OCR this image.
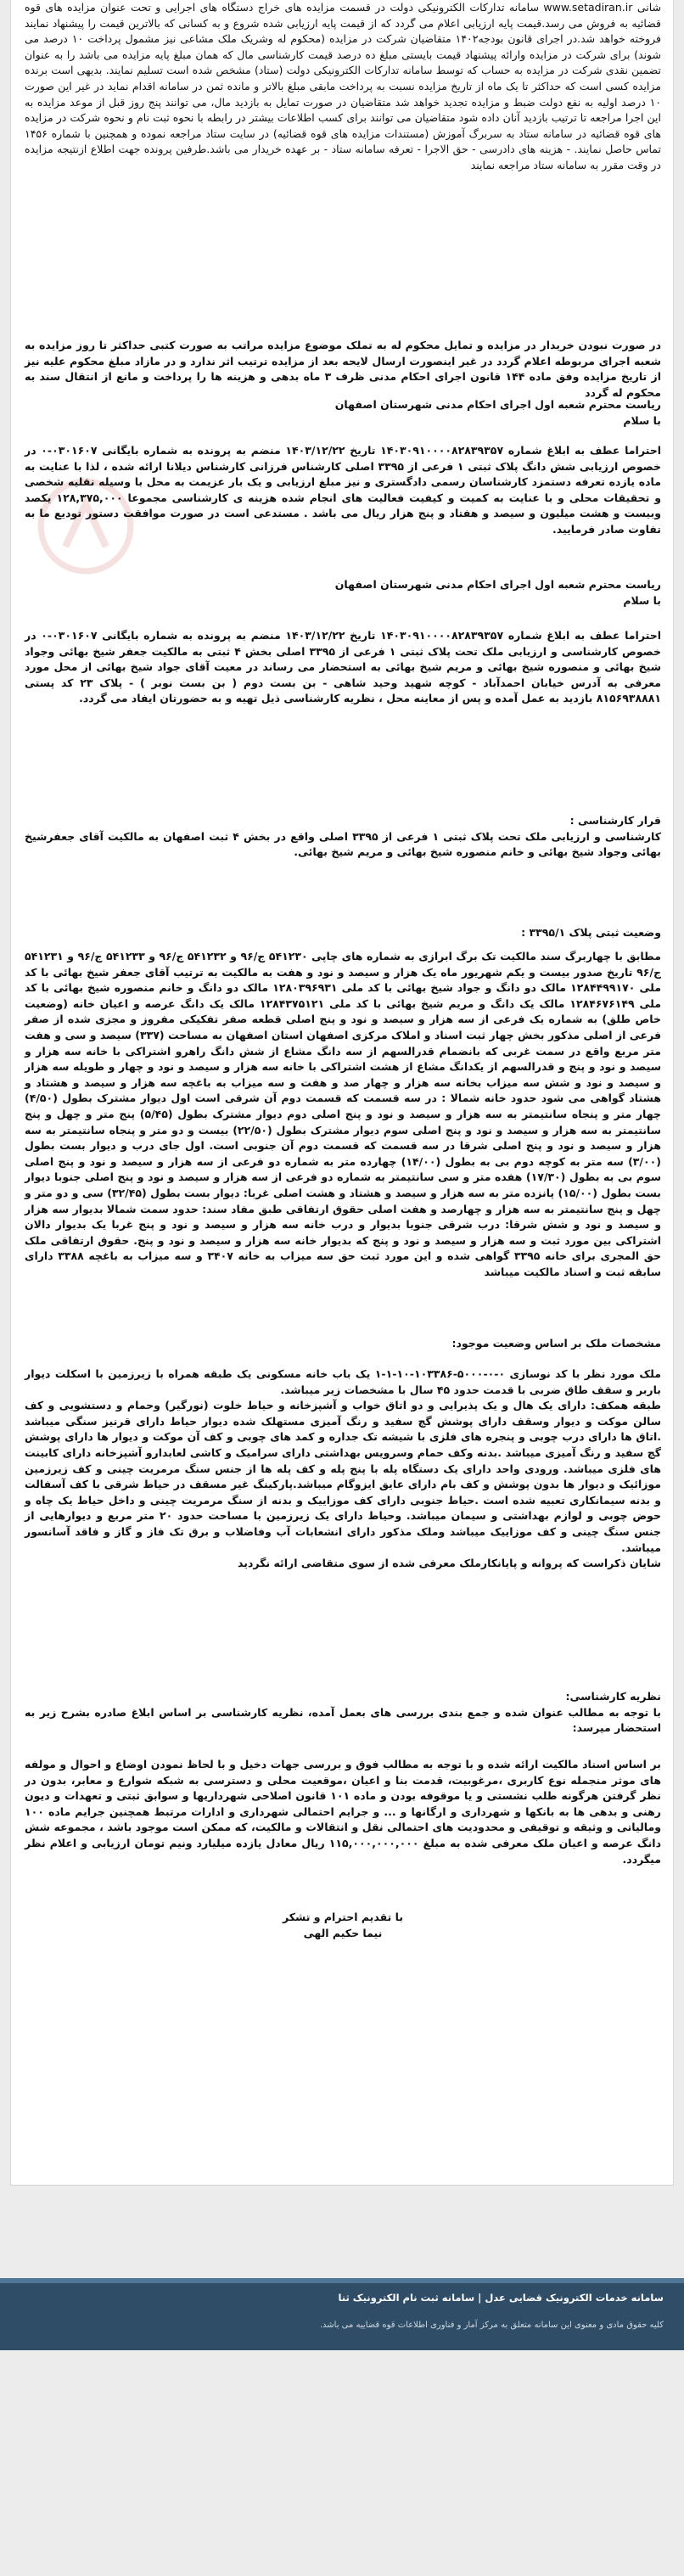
شانی www.setadiran.ir سامانه تدارکات الکترونیکی دولت در قسمت مزایده های خراج دستگاه های اجرایی و تحت عنوان مزایده های قوه قضائیه به فروش می رسد.قیمت پایه ارزیابی اعلام می گردد که از قیمت پایه ارزیابی شده شروع و به کسانی که بالاترین قیمت را پیشنهاد نمایند فروخته خواهد شد.در اجرای قانون بودجه۱۴۰۲ متقاضیان شرکت در مزایده (محکوم له وشریک ملک مشاعی نیز مشمول پرداخت ۱۰ درصد می شوند) برای شرکت در مزایده وارائه پیشنهاد قیمت بایستی مبلغ ده درصد قیمت کارشناسی مال که همان مبلغ پایه مزایده می باشد را به عنوان تضمین نقدی شرکت در مزایده به حساب که توسط سامانه تدارکات الکترونیکی دولت (ستاد) مشخص شده است تسلیم نمایند. بدیهی است برنده مزایده کسی است که حداکثر تا یک ماه از تاریخ مزایده نسبت به پرداخت مابقی مبلغ بالاتر و مانده ثمن در سامانه اقدام نماید در غیر این صورت ۱۰ درصد اولیه به نفع دولت ضبط و مزایده تجدید خواهد شد متقاضیان در صورت تمایل به بازدید مال، می توانند پنج روز قبل از موعد مزایده به این اجرا مراجعه تا ترتیب بازدید آنان داده شود متقاضیان می توانند برای کسب اطلاعات بیشتر در رابطه با نحوه ثبت نام و نحوه شرکت در مزایده های قوه قضائیه در سامانه ستاد به سربرگ آموزش (مستندات مزایده های قوه قضائیه) در سایت ستاد مراجعه نموده و همچنین با شماره ۱۴۵۶ تماس حاصل نمایند. - هزینه های دادرسی - حق الاجرا - تعرفه سامانه ستاد - بر عهده خریدار می باشد.طرفین پرونده جهت اطلاع ازنتیجه مزایده در وقت مقرر به سامانه ستاد مراجعه نمایند

در صورت نبودن خریدار در مزایده و تمایل محکوم له به تملک موضوع مزایده مراتب به صورت کتبی حداکثر تا روز مزایده به شعبه اجرای مربوطه اعلام گردد در غیر اینصورت ارسال لایحه بعد از مزایده ترتیب اثر ندارد و در مازاد مبلغ محکوم علیه نیز از تاریخ مزایده وفق ماده ۱۴۴ قانون اجرای احکام مدنی ظرف ۳ ماه بدهی و هزینه ها را پرداخت و مانع از انتقال سند به محکوم له گردد

ریاست محترم شعبه اول اجرای احکام مدنی شهرستان اصفهان
با سلام

احتراما عطف به ابلاغ شماره ۱۴۰۳۰۹۱۰۰۰۰۸۲۸۳۹۳۵۷ تاریخ ۱۴۰۳/۱۲/۲۲ منضم به پرونده به شماره بایگانی ۰۳۰۱۶۰۷-۰ در خصوص ارزیابی شش دانگ پلاک ثبتی ۱ فرعی از ۳۳۹۵ اصلی کارشناس فرزانی کارشناس دیلانا ارائه شده ، لذا با عنایت به ماده یازده تعرفه دستمزد کارشناسان رسمی دادگستری و نیز مبلغ ارزیابی و یک بار عزیمت به محل با وسیله نقلیه شخصی و تحقیقات محلی و با عنایت به کمیت و کیفیت فعالیت های انجام شده هزینه ی کارشناسی مجموعا ۱۲۸,۳۷۵,۰۰۰ یکصد وبیست و هشت میلیون و سیصد و هفتاد و پنج هزار ریال می باشد . مستدعی است در صورت موافقت دستور تودیع ما به تفاوت صادر فرمایید.

ریاست محترم شعبه اول اجرای احکام مدنی شهرستان اصفهان
با سلام

احتراما عطف به ابلاغ شماره ۱۴۰۳۰۹۱۰۰۰۰۸۲۸۳۹۳۵۷ تاریخ ۱۴۰۳/۱۲/۲۲ منضم به پرونده به شماره بایگانی ۰۳۰۱۶۰۷-۰ در خصوص کارشناسی و ارزیابی ملک تحت پلاک ثبتی ۱ فرعی از ۳۳۹۵ اصلی بخش ۴ ثبتی به مالکیت جعفر شیخ بهائی وجواد شیخ بهائی و منصوره شیخ بهائی و مریم شیخ بهائی به استحضار می رساند در معیت آقای جواد شیخ بهائی از محل مورد معرفی به آدرس خیابان احمدآباد - کوچه شهید وحید شاهی - بن بست دوم ( بن بست نوبر ) - پلاک ۲۳ کد پستی ۸۱۵۶۹۳۸۸۸۱ بازدید به عمل آمده و پس از معاینه محل ، نظریه کارشناسی ذیل تهیه و به حضورتان ایفاد می گردد.

قرار کارشناسی :
کارشناسی و ارزیابی ملک تحت پلاک ثبتی ۱ فرعی از ۳۳۹۵ اصلی واقع در بخش ۴ ثبت اصفهان به مالکیت آقای جعفرشیخ بهائی وجواد شیخ بهائی و خانم منصوره شیخ بهائی و مریم شیخ بهائی.

وضعیت ثبتی پلاک ۳۳۹۵/۱ :

مطابق با چهاربرگ سند مالکیت تک برگ ابرازی به شماره های چاپی ۵۴۱۲۳۰ ج/۹۶ و ۵۴۱۲۳۲ ج/۹۶ و ۵۴۱۲۳۳ ج/۹۶ و ۵۴۱۲۳۱ ج/۹۶ تاریخ صدور بیست و یکم شهریور ماه یک هزار و سیصد و نود و هفت به مالکیت به ترتیب آقای جعفر شیخ بهائی با کد ملی ۱۲۸۴۴۹۹۱۷۰ مالک دو دانگ و جواد شیخ بهائی با کد ملی ۱۲۸۰۳۹۶۹۳۱ مالک دو دانگ و خانم منصوره شیخ بهائی با کد ملی ۱۲۸۴۶۷۶۱۴۹ مالک یک دانگ و مریم شیخ بهائی با کد ملی ۱۲۸۴۳۷۵۱۲۱ مالک یک دانگ عرصه و اعیان خانه (وضعیت خاص طلق) به شماره یک فرعی از سه هزار و سیصد و نود و پنج اصلی قطعه صفر تفکیکی مفروز و مجزی شده از صفر فرعی از اصلی مذکور بخش چهار ثبت اسناد و املاک مرکزی اصفهان استان اصفهان به مساحت (۳۳۷) سیصد و سی و هفت متر مربع واقع در سمت غربی که بانضمام قدرالسهم از سه دانگ مشاع از شش دانگ راهرو اشتراکی با خانه سه هزار و سیصد و نود و پنج و قدرالسهم از یکدانگ مشاع از هشت اشتراکی با خانه سه هزار و سیصد و نود و چهار و طویله سه هزار و سیصد و نود و شش سه میزاب بخانه سه هزار و چهار صد و هفت و سه میزاب به باغچه سه هزار و سیصد و هشتاد و هشتاد گواهی می شود حدود خانه شمالا : در سه قسمت که قسمت دوم آن شرقی است اول دیوار مشترک بطول (۴/۵۰) چهار متر و پنجاه سانتیمتر به سه هزار و سیصد و نود و پنج اصلی دوم دیوار مشترک بطول (۵/۴۵) پنج متر و چهل و پنج سانتیمتر به سه هزار و سیصد و نود و پنج اصلی سوم دیوار مشترک بطول (۲۲/۵۰) بیست و دو متر و پنجاه سانتیمتر به سه هزار و سیصد و نود و پنج اصلی شرقا در سه قسمت که قسمت دوم آن جنوبی است. اول جای درب و دیوار بست بطول (۳/۰۰) سه متر به کوچه دوم بی به بطول (۱۴/۰۰) چهارده متر به شماره دو فرعی از سه هزار و سیصد و نود و پنج اصلی سوم بی به بطول (۱۷/۳۰) هفده متر و سی سانتیمتر به شماره دو فرعی از سه هزار و سیصد و نود و پنج اصلی جنوبا دیوار بست بطول (۱۵/۰۰) پانزده متر به سه هزار و سیصد و هشتاد و هشت اصلی غربا: دیوار بست بطول (۳۲/۴۵) سی و دو متر و چهل و پنج سانتیمتر به سه هزار و چهارصد و هفت اصلی حقوق ارتفاقی طبق مفاد سند: حدود سمت شمالا بدیوار سه هزار و سیصد و نود و شش شرقا: درب شرقی جنوبا بدیوار و درب خانه سه هزار و سیصد و نود و پنج غربا یک بدیوار دالان اشتراکی بین مورد ثبت و سه هزار و سیصد و نود و پنج که بدیوار خانه سه هزار و سیصد و نود و پنج. حقوق ارتفاقی ملک حق المجری برای خانه ۳۳۹۵ گواهی شده و این مورد ثبت حق سه میزاب به خانه ۳۴۰۷ و سه میزاب به باغچه ۳۳۸۸ دارای سابقه ثبت و اسناد مالکیت میباشد

مشخصات ملک بر اساس وضعیت موجود:

ملک مورد نظر با کد نوسازی ۰-۰-۵۰۰۰-۱۰۳۳۸۶-۱۰-۱-۱ یک باب خانه مسکونی یک طبقه همراه با زیرزمین با اسکلت دیوار باربر و سقف طاق ضربی با قدمت حدود ۴۵ سال با مشخصات زیر میباشد.
طبقه همکف: دارای یک هال و یک پذیرایی و دو اتاق خواب و آشپزخانه و حیاط خلوت (نورگیر) وحمام و دستشویی و کف سالن موکت و دیوار وسقف دارای پوشش گچ سفید و رنگ آمیزی مستهلک شده دیوار حیاط دارای قرنیز سنگی میباشد .اتاق ها دارای درب چوبی و پنجره های فلزی با شیشه تک جداره و کمد های چوبی و کف آن موکت و دیوار ها دارای پوشش گچ سفید و رنگ آمیزی میباشد .بدنه وکف حمام وسرویس بهداشتی دارای سرامیک و کاشی لعابدارو آشپزخانه دارای کابینت های فلزی میباشد. ورودی واحد دارای یک دستگاه پله با پنج پله و کف پله ها از جنس سنگ مرمریت چینی و کف زیرزمین موزائیک و دیوار ها بدون پوشش و کف بام دارای عایق ایزوگام میباشد.پارکینگ غیر مسقف در حیاط شرقی با کف آسفالت و بدنه سیمانکاری تعبیه شده است .حیاط جنوبی دارای کف موزاییک و بدنه از سنگ مرمریت چینی و داخل حیاط یک چاه و حوض چوبی و لوازم بهداشتی و سیمان میباشد. وحیاط دارای یک زیرزمین با مساحت حدود ۲۰ متر مربع و دیوارهایی از جنس سنگ چینی و کف موزاییک میباشد وملک مذکور دارای انشعابات آب وفاضلاب و برق تک فاز و گاز و فاقد آسانسور میباشد.
شایان ذکراست که پروانه و پایانکارملک معرفی شده از سوی متقاضی ارائه نگردید

نظریه کارشناسی:
با توجه به مطالب عنوان شده و جمع بندی بررسی های بعمل آمده، نظریه کارشناسی بر اساس ابلاغ صادره بشرح زیر به استحضار میرسد:

بر اساس اسناد مالکیت ارائه شده و با توجه به مطالب فوق و بررسی جهات دخیل و با لحاظ نمودن اوضاع و احوال و مولفه های موثر منجمله نوع کاربری ،مرغوبیت، قدمت بنا و اعیان ،موقعیت محلی و دسترسی به شبکه شوارع و معابر، بدون در نظر گرفتن هرگونه طلب نشستی و یا موقوفه بودن و ماده ۱۰۱ قانون اصلاحی شهرداریها و سوابق ثبتی و تعهدات و دیون رهنی و بدهی ها به بانکها و شهرداری و ارگانها و ... و جرایم احتمالی شهرداری و ادارات مرتبط همچنین جرایم ماده ۱۰۰ ومالیاتی و وثیقه و توقیفی و محدودیت های احتمالی نقل و انتقالات و مالکیت، که ممکن است موجود باشد ، مجموعه شش دانگ عرصه و اعیان ملک معرفی شده به مبلغ ۱۱۵,۰۰۰,۰۰۰,۰۰۰ ریال معادل یازده میلیارد ونیم تومان ارزیابی و اعلام نظر میگردد.

با تقدیم احترام و تشکر
نیما حکیم الهی

سامانه خدمات الکترونیک قضایی عدل | سامانه ثبت نام الکترونیک ثنا
کلیه حقوق مادی و معنوی این سامانه متعلق به مرکز آمار و فناوری اطلاعات قوه قضاییه می باشد.
